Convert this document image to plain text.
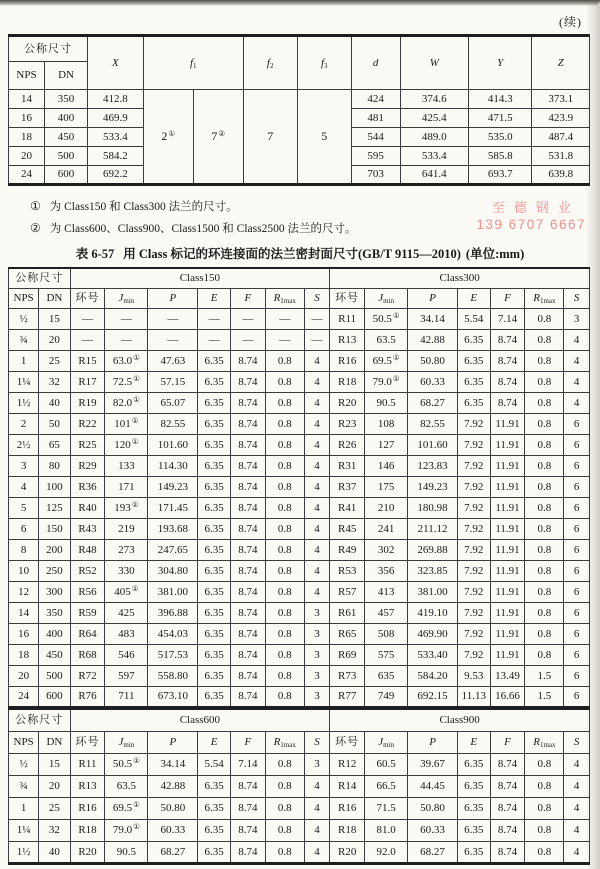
(续)
公称尺寸		X	$f_1$		$f_2$	$f_3$	d	W	Y	Z
NPS	DN									
14	350	412.8	2①	7②	7	5	424	374.6	414.3	373.1
16	400	469.9					481	425.4	471.5	423.9
18	450	533.4					544	489.0	535.0	487.4
20	500	584.2					595	533.4	585.8	531.8
24	600	692.2					703	641.4	693.7	639.8
① 为 Class150 和 Class300 法兰的尺寸。
② 为 Class600、Class900、Class1500 和 Class2500 法兰的尺寸。
至德钢业
139 6707 6667
表 6-57 用 Class 标记的环连接面的法兰密封面尺寸(GB/T 9115—2010) (单位:mm)
公称尺寸		Class150							Class300						
NPS	DN	环号	$J_{min}$	P	E	F	$R_{1max}$	S	环号	$J_{min}$	P	E	F	$R_{1max}$	S
½	15	—	—	—	—	—	—	—	R11	50.5①	34.14	5.54	7.14	0.8	3
¾	20	—	—	—	—	—	—	—	R13	63.5	42.88	6.35	8.74	0.8	4
1	25	R15	63.0①	47.63	6.35	8.74	0.8	4	R16	69.5①	50.80	6.35	8.74	0.8	4
1¼	32	R17	72.5①	57.15	6.35	8.74	0.8	4	R18	79.0①	60.33	6.35	8.74	0.8	4
1½	40	R19	82.0①	65.07	6.35	8.74	0.8	4	R20	90.5	68.27	6.35	8.74	0.8	4
2	50	R22	101①	82.55	6.35	8.74	0.8	4	R23	108	82.55	7.92	11.91	0.8	6
2½	65	R25	120①	101.60	6.35	8.74	0.8	4	R26	127	101.60	7.92	11.91	0.8	6
3	80	R29	133	114.30	6.35	8.74	0.8	4	R31	146	123.83	7.92	11.91	0.8	6
4	100	R36	171	149.23	6.35	8.74	0.8	4	R37	175	149.23	7.92	11.91	0.8	6
5	125	R40	193①	171.45	6.35	8.74	0.8	4	R41	210	180.98	7.92	11.91	0.8	6
6	150	R43	219	193.68	6.35	8.74	0.8	4	R45	241	211.12	7.92	11.91	0.8	6
8	200	R48	273	247.65	6.35	8.74	0.8	4	R49	302	269.88	7.92	11.91	0.8	6
10	250	R52	330	304.80	6.35	8.74	0.8	4	R53	356	323.85	7.92	11.91	0.8	6
12	300	R56	405①	381.00	6.35	8.74	0.8	4	R57	413	381.00	7.92	11.91	0.8	6
14	350	R59	425	396.88	6.35	8.74	0.8	3	R61	457	419.10	7.92	11.91	0.8	6
16	400	R64	483	454.03	6.35	8.74	0.8	3	R65	508	469.90	7.92	11.91	0.8	6
18	450	R68	546	517.53	6.35	8.74	0.8	3	R69	575	533.40	7.92	11.91	0.8	6
20	500	R72	597	558.80	6.35	8.74	0.8	3	R73	635	584.20	9.53	13.49	1.5	6
24	600	R76	711	673.10	6.35	8.74	0.8	3	R77	749	692.15	11.13	16.66	1.5	6
公称尺寸		Class600							Class900						
NPS	DN	环号	$J_{min}$	P	E	F	$R_{1max}$	S	环号	$J_{min}$	P	E	F	$R_{1max}$	S
½	15	R11	50.5①	34.14	5.54	7.14	0.8	3	R12	60.5	39.67	6.35	8.74	0.8	4
¾	20	R13	63.5	42.88	6.35	8.74	0.8	4	R14	66.5	44.45	6.35	8.74	0.8	4
1	25	R16	69.5①	50.80	6.35	8.74	0.8	4	R16	71.5	50.80	6.35	8.74	0.8	4
1¼	32	R18	79.0①	60.33	6.35	8.74	0.8	4	R18	81.0	60.33	6.35	8.74	0.8	4
1½	40	R20	90.5	68.27	6.35	8.74	0.8	4	R20	92.0	68.27	6.35	8.74	0.8	4
